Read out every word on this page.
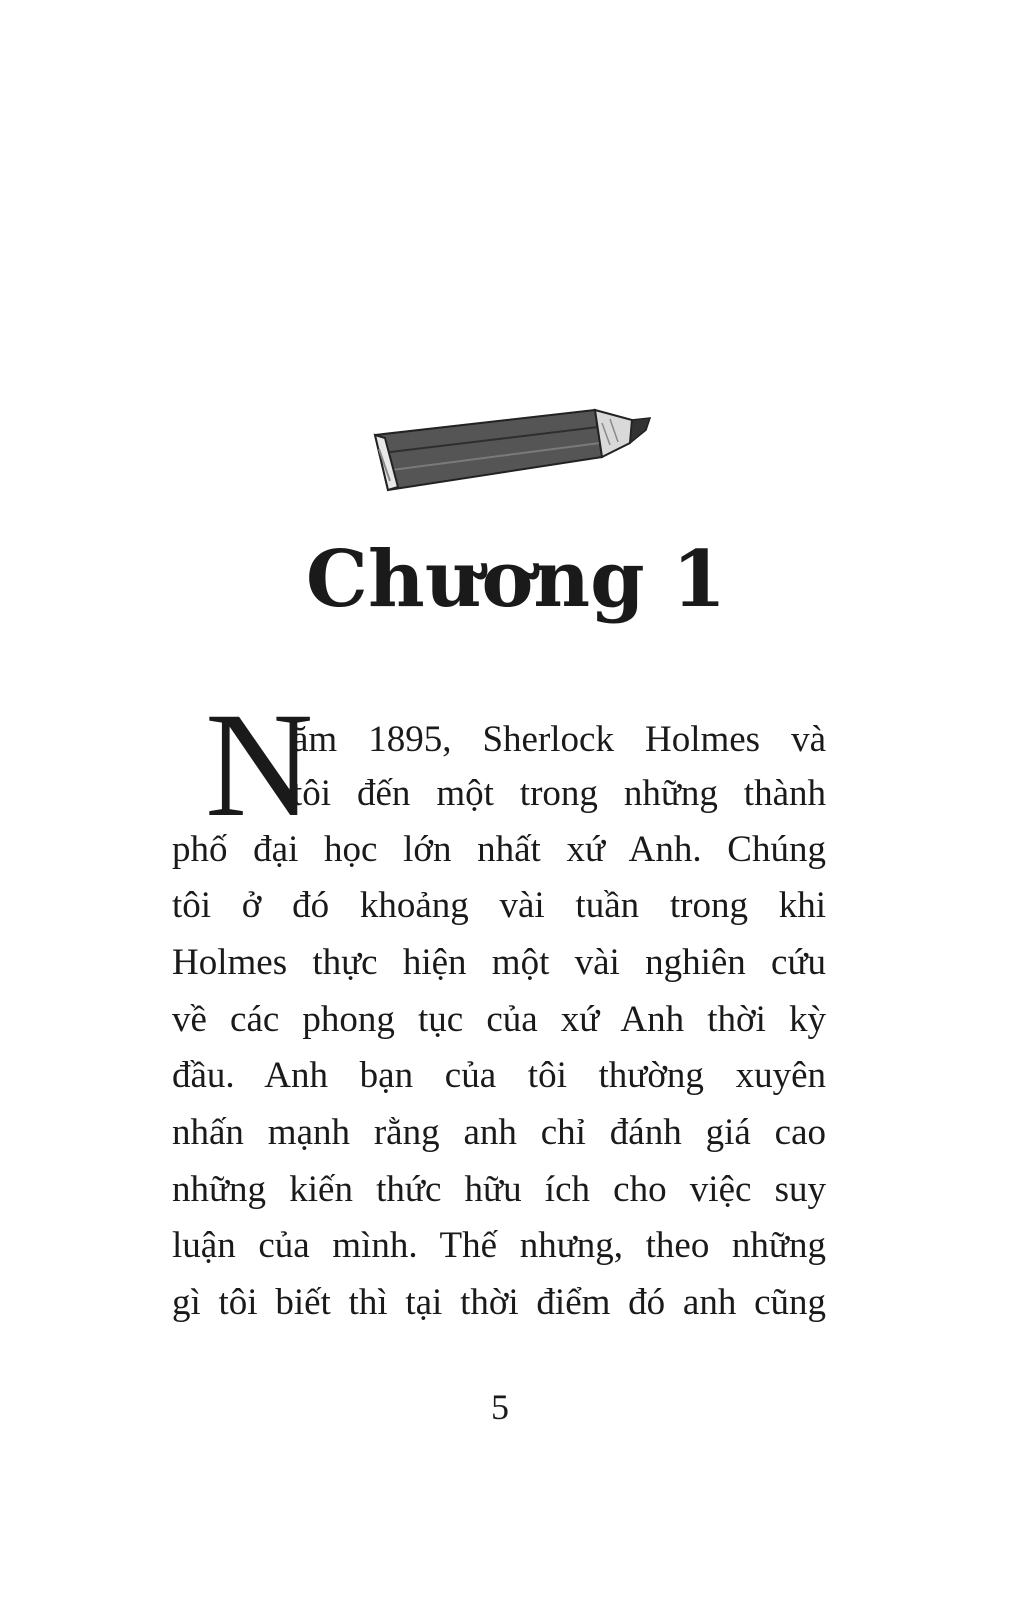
Chương 1
N
ăm 1895, Sherlock Holmes và
tôi đến một trong những thành
phố đại học lớn nhất xứ Anh. Chúng
tôi ở đó khoảng vài tuần trong khi
Holmes thực hiện một vài nghiên cứu
về các phong tục của xứ Anh thời kỳ
đầu. Anh bạn của tôi thường xuyên
nhấn mạnh rằng anh chỉ đánh giá cao
những kiến thức hữu ích cho việc suy
luận của mình. Thế nhưng, theo những
gì tôi biết thì tại thời điểm đó anh cũng
5
